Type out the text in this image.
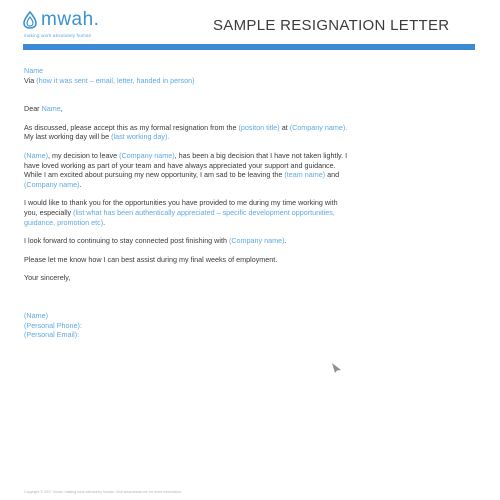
mwah.
making work absolutely human
SAMPLE RESIGNATION LETTER
Name
Via (how it was sent – email, letter, handed in person)
Dear Name,
As discussed, please accept this as my formal resignation from the (positon title) at (Company name).
My last working day will be (last working day).
(Name), my decision to leave (Company name), has been a big decision that I have not taken lightly. I
have loved working as part of your team and have always appreciated your support and guidance.
While I am excited about pursuing my new opportunity, I am sad to be leaving the (team name) and
(Company name).
I would like to thank you for the opportunities you have provided to me during my time working with
you, especially (list what has been authentically appreciated – specific development opportunities,
guidance, promotion etc).
I look forward to continuing to stay connected post finishing with (Company name).
Please let me know how I can best assist during my final weeks of employment.
Your sincerely,
(Name)
(Personal Phone):
(Personal Email):
Copyright © 2017 mwah. making work absolutely human. Visit www.mwah.me for more information.
